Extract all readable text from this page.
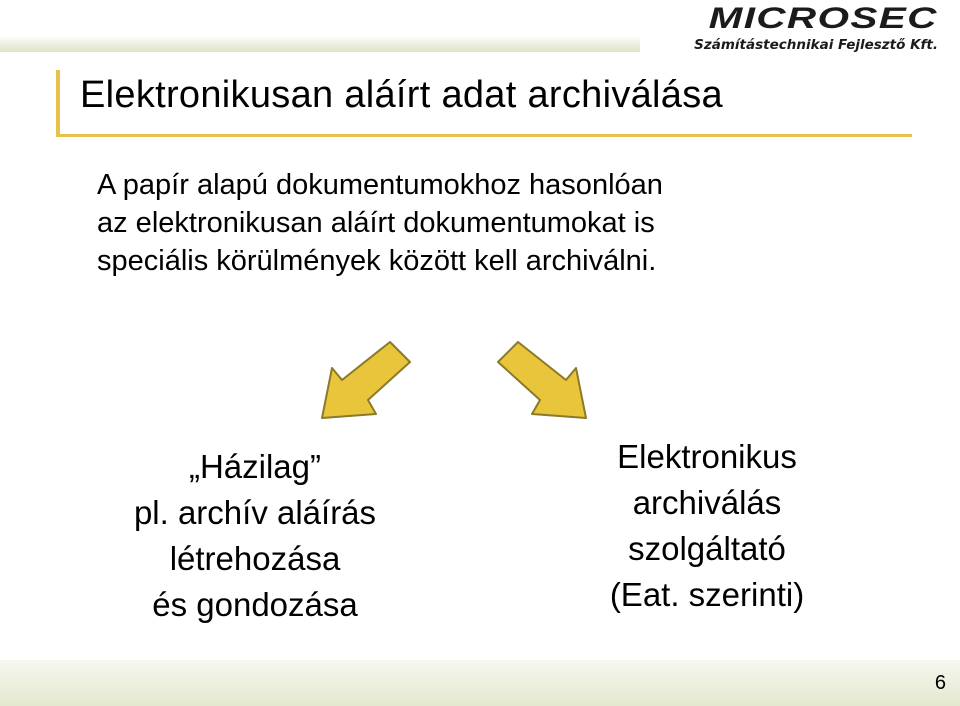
MICROSEC
Számítástechnikai Fejlesztő Kft.
Elektronikusan aláírt adat archiválása
A papír alapú dokumentumokhoz hasonlóan
az elektronikusan aláírt dokumentumokat is
speciális körülmények között kell archiválni.
„Házilag”
pl. archív aláírás
létrehozása
és gondozása
Elektronikus
archiválás
szolgáltató
(Eat. szerinti)
6
